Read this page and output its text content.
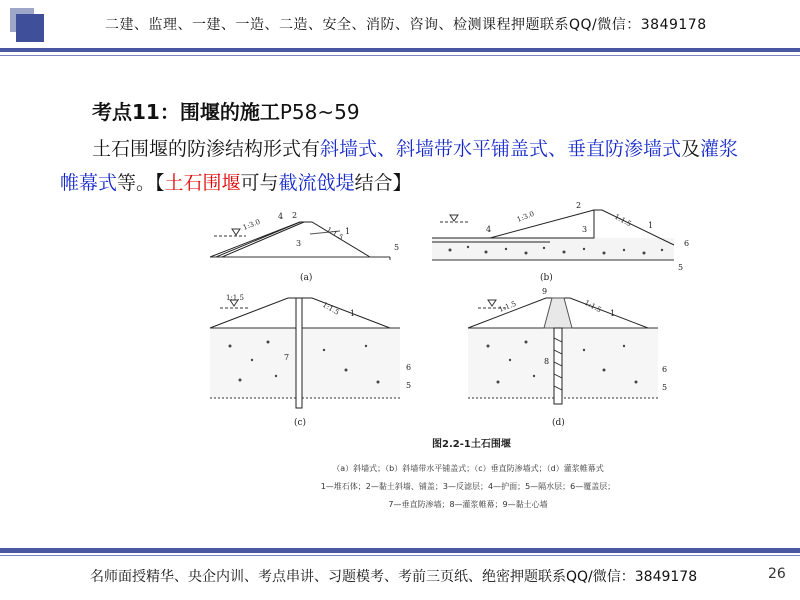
二建、监理、一建、一造、二造、安全、消防、咨询、检测课程押题联系QQ/微信：3849178
考点11：围堰的施工P58~59
土石围堰的防渗结构形式有斜墙式、斜墙带水平铺盖式、垂直防渗墙式及灌浆帷幕式等。【土石围堰可与截流戗堤结合】
(a)
1:3.0
1:1.5
2
4
3
1
5
(b)
1:3.0	1:1.5
2
4	3	1
6
5
(c)
1:1.5
1:1.5
7
1
6
5
(d)
1:1.5	1:1.5
9
8
1
6
5
图2.2-1土石围堰
（a）斜墙式；（b）斜墙带水平铺盖式；（c）垂直防渗墙式；（d）灌浆帷幕式
1—堆石体；2—黏土斜墙、铺盖；3—反滤层；4—护面；5—隔水层；6—覆盖层；
7—垂直防渗墙；8—灌浆帷幕；9—黏土心墙
名师面授精华、央企内训、考点串讲、习题模考、考前三页纸、绝密押题联系QQ/微信：3849178	26
